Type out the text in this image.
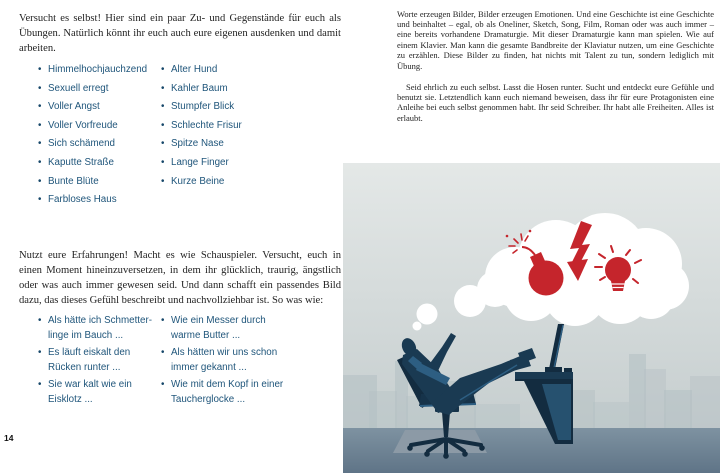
Versucht es selbst! Hier sind ein paar Zu- und Gegenstände für euch als Übungen. Natürlich könnt ihr euch auch eure eigenen ausdenken und damit arbeiten.

• Himmelhochjauchzend
• Sexuell erregt
• Voller Angst
• Voller Vorfreude
• Sich schämend
• Kaputte Straße
• Bunte Blüte
• Farbloses Haus
• Alter Hund
• Kahler Baum
• Stumpfer Blick
• Schlechte Frisur
• Spitze Nase
• Lange Finger
• Kurze Beine

Nutzt eure Erfahrungen! Macht es wie Schauspieler. Versucht, euch in einen Moment hineinzuversetzen, in dem ihr glücklich, traurig, ängstlich oder was auch immer gewesen seid. Und dann schafft ein passendes Bild dazu, das dieses Gefühl beschreibt und nachvollziehbar ist. So was wie:

• Als hätte ich Schmetter-
linge im Bauch ...
• Es läuft eiskalt den
Rücken runter ...
• Sie war kalt wie ein
Eisklotz ...
• Wie ein Messer durch
warme Butter ...
• Als hätten wir uns schon
immer gekannt ...
• Wie mit dem Kopf in einer
Taucherglocke ...
14

Worte erzeugen Bilder, Bilder erzeugen Emotionen. Und eine Geschichte ist eine Geschichte und beinhaltet – egal, ob als Oneliner, Sketch, Song, Film, Roman oder was auch immer – eine bereits vorhandene Dramaturgie. Mit dieser Dramaturgie kann man spielen. Wie auf einem Klavier. Man kann die gesamte Bandbreite der Klaviatur nutzen, um eine Geschichte zu erzählen. Diese Bilder zu finden, hat nichts mit Talent zu tun, sondern lediglich mit Übung.

Seid ehrlich zu euch selbst. Lasst die Hosen runter. Sucht und entdeckt eure Gefühle und benutzt sie. Letztendlich kann euch niemand beweisen, dass ihr für eure Protagonisten eine Anleihe bei euch selbst genommen habt. Ihr seid Schreiber. Ihr habt alle Freiheiten. Alles ist erlaubt.
